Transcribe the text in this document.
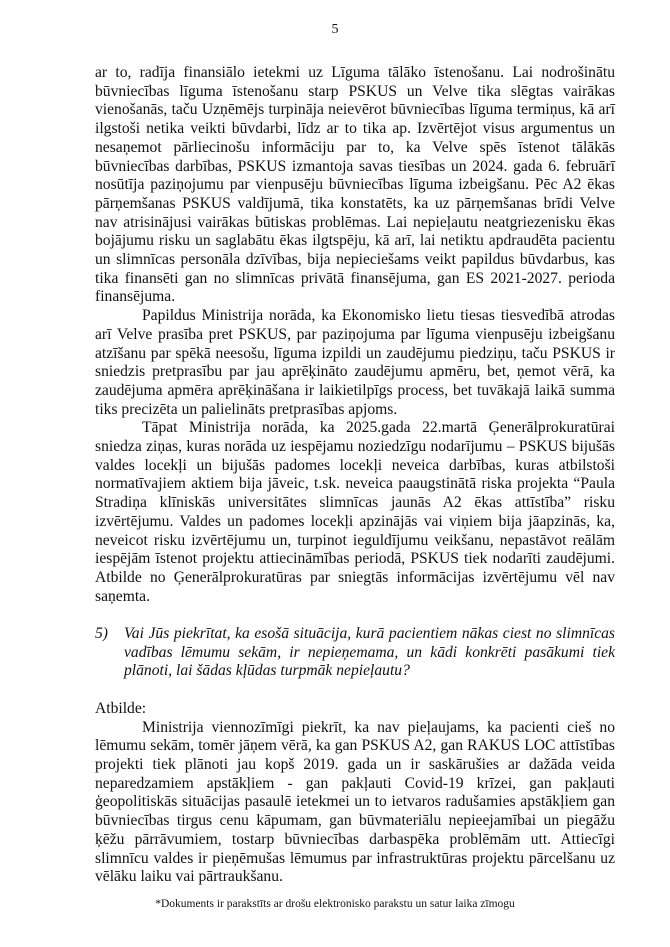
5

ar to, radīja finansiālo ietekmi uz Līguma tālāko īstenošanu. Lai nodrošinātu būvniecības līguma īstenošanu starp PSKUS un Velve tika slēgtas vairākas vienošanās, taču Uzņēmējs turpināja neievērot būvniecības līguma termiņus, kā arī ilgstoši netika veikti būvdarbi, līdz ar to tika ap. Izvērtējot visus argumentus un nesaņemot pārliecinošu informāciju par to, ka Velve spēs īstenot tālākās būvniecības darbības, PSKUS izmantoja savas tiesības un 2024. gada 6. februārī nosūtīja paziņojumu par vienpusēju būvniecības līguma izbeigšanu. Pēc A2 ēkas pārņemšanas PSKUS valdījumā, tika konstatēts, ka uz pārņemšanas brīdi Velve nav atrisinājusi vairākas būtiskas problēmas. Lai nepieļautu neatgriezenisku ēkas bojājumu risku un saglabātu ēkas ilgtspēju, kā arī, lai netiktu apdraudēta pacientu un slimnīcas personāla dzīvības, bija nepieciešams veikt papildus būvdarbus, kas tika finansēti gan no slimnīcas privātā finansējuma, gan ES 2021-2027. perioda finansējuma.

Papildus Ministrija norāda, ka Ekonomisko lietu tiesas tiesvedībā atrodas arī Velve prasība pret PSKUS, par paziņojuma par līguma vienpusēju izbeigšanu atzīšanu par spēkā neesošu, līguma izpildi un zaudējumu piedziņu, taču PSKUS ir sniedzis pretprasību par jau aprēķināto zaudējumu apmēru, bet, ņemot vērā, ka zaudējuma apmēra aprēķināšana ir laikietilpīgs process, bet tuvākajā laikā summa tiks precizēta un palielināts pretprasības apjoms.

Tāpat Ministrija norāda, ka 2025.gada 22.martā Ģenerālprokuratūrai sniedza ziņas, kuras norāda uz iespējamu noziedzīgu nodarījumu – PSKUS bijušās valdes locekļi un bijušās padomes locekļi neveica darbības, kuras atbilstoši normatīvajiem aktiem bija jāveic, t.sk. neveica paaugstinātā riska projekta “Paula Stradiņa klīniskās universitātes slimnīcas jaunās A2 ēkas attīstība” risku izvērtējumu. Valdes un padomes locekļi apzinājās vai viņiem bija jāapzinās, ka, neveicot risku izvērtējumu un, turpinot ieguldījumu veikšanu, nepastāvot reālām iespējām īstenot projektu attiecināmības periodā, PSKUS tiek nodarīti zaudējumi. Atbilde no Ģenerālprokuratūras par sniegtās informācijas izvērtējumu vēl nav saņemta.

5)	Vai Jūs piekrītat, ka esošā situācija, kurā pacientiem nākas ciest no slimnīcas vadības lēmumu sekām, ir nepieņemama, un kādi konkrēti pasākumi tiek plānoti, lai šādas kļūdas turpmāk nepieļautu?

Atbilde:

Ministrija viennozīmīgi piekrīt, ka nav pieļaujams, ka pacienti cieš no lēmumu sekām, tomēr jāņem vērā, ka gan PSKUS A2, gan RAKUS LOC attīstības projekti tiek plānoti jau kopš 2019. gada un ir saskārušies ar dažāda veida neparedzamiem apstākļiem - gan pakļauti Covid-19 krīzei, gan pakļauti ģeopolitiskās situācijas pasaulē ietekmei un to ietvaros radušamies apstākļiem gan būvniecības tirgus cenu kāpumam, gan būvmateriālu nepieejamībai un piegāžu ķēžu pārrāvumiem, tostarp būvniecības darbaspēka problēmām utt. Attiecīgi slimnīcu valdes ir pieņēmušas lēmumus par infrastruktūras projektu pārcelšanu uz vēlāku laiku vai pārtraukšanu.

*Dokuments ir parakstīts ar drošu elektronisko parakstu un satur laika zīmogu
